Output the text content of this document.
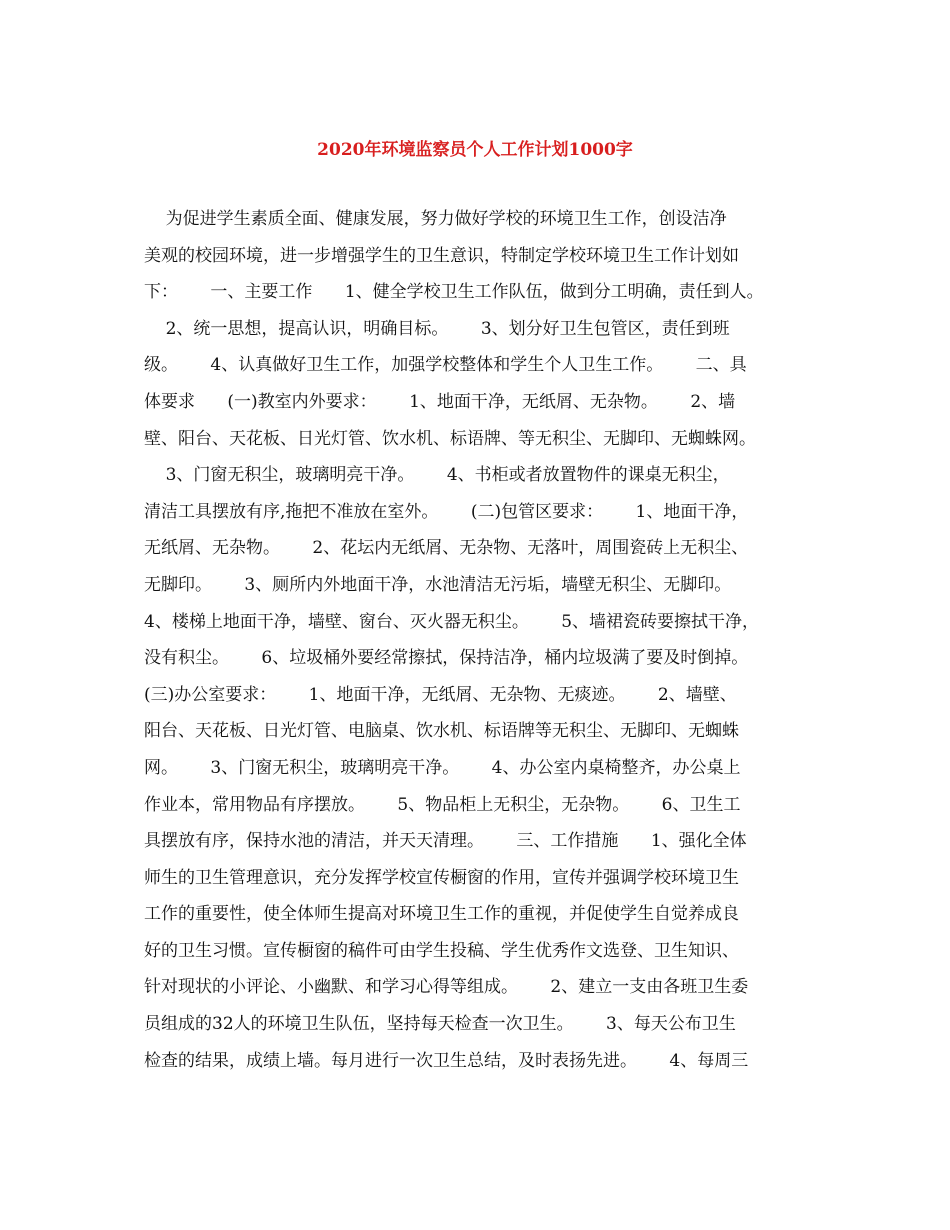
2020年环境监察员个人工作计划1000字
为促进学生素质全面、健康发展，努力做好学校的环境卫生工作，创设洁净
美观的校园环境，进一步增强学生的卫生意识，特制定学校环境卫生工作计划如
下：      一、主要工作      1、健全学校卫生工作队伍，做到分工明确，责任到人。
2、统一思想，提高认识，明确目标。      3、划分好卫生包管区，责任到班
级。      4、认真做好卫生工作，加强学校整体和学生个人卫生工作。      二、具
体要求      (一)教室内外要求：      1、地面干净，无纸屑、无杂物。      2、墙
壁、阳台、天花板、日光灯管、饮水机、标语牌、等无积尘、无脚印、无蜘蛛网。
3、门窗无积尘，玻璃明亮干净。      4、书柜或者放置物件的课桌无积尘，
清洁工具摆放有序,拖把不准放在室外。      (二)包管区要求：      1、地面干净，
无纸屑、无杂物。      2、花坛内无纸屑、无杂物、无落叶，周围瓷砖上无积尘、
无脚印。      3、厕所内外地面干净，水池清洁无污垢，墙壁无积尘、无脚印。
4、楼梯上地面干净，墙壁、窗台、灭火器无积尘。      5、墙裙瓷砖要擦拭干净，
没有积尘。      6、垃圾桶外要经常擦拭，保持洁净，桶内垃圾满了要及时倒掉。
(三)办公室要求：      1、地面干净，无纸屑、无杂物、无痰迹。      2、墙壁、
阳台、天花板、日光灯管、电脑桌、饮水机、标语牌等无积尘、无脚印、无蜘蛛
网。      3、门窗无积尘，玻璃明亮干净。      4、办公室内桌椅整齐，办公桌上
作业本，常用物品有序摆放。      5、物品柜上无积尘，无杂物。      6、卫生工
具摆放有序，保持水池的清洁，并天天清理。      三、工作措施      1、强化全体
师生的卫生管理意识，充分发挥学校宣传橱窗的作用，宣传并强调学校环境卫生
工作的重要性，使全体师生提高对环境卫生工作的重视，并促使学生自觉养成良
好的卫生习惯。宣传橱窗的稿件可由学生投稿、学生优秀作文选登、卫生知识、
针对现状的小评论、小幽默、和学习心得等组成。      2、建立一支由各班卫生委
员组成的32人的环境卫生队伍，坚持每天检查一次卫生。      3、每天公布卫生
检查的结果，成绩上墙。每月进行一次卫生总结，及时表扬先进。      4、每周三
